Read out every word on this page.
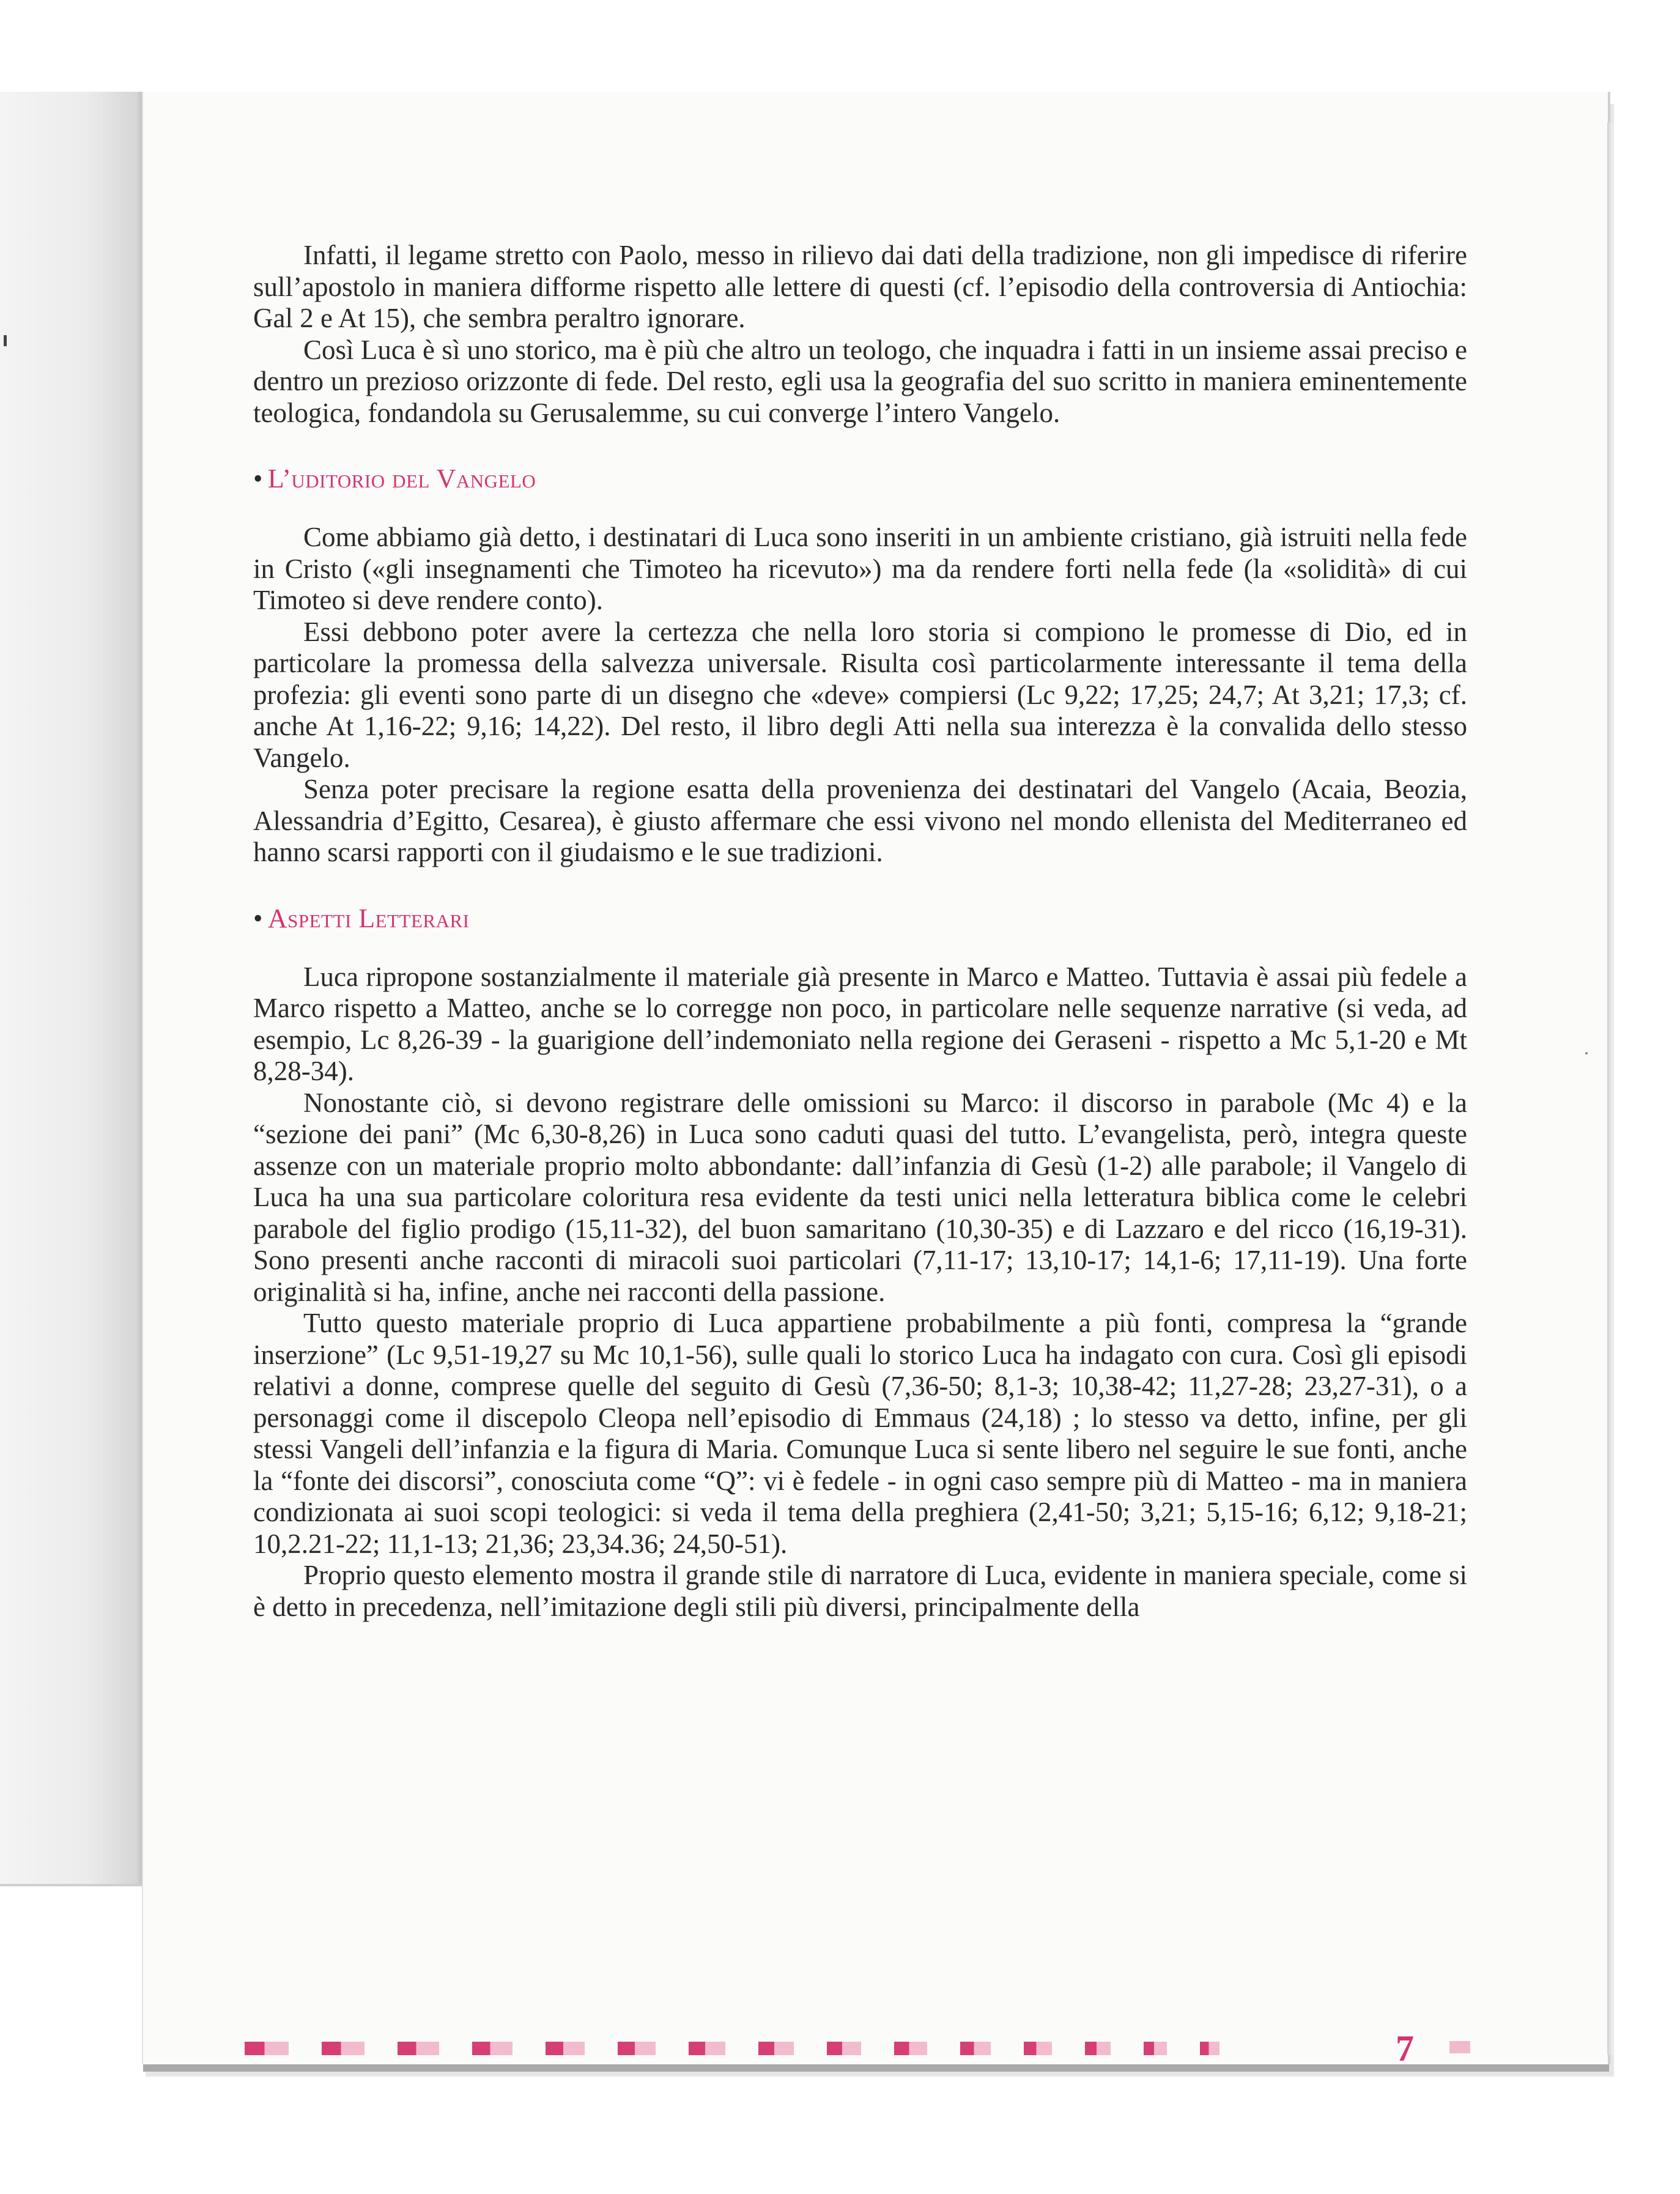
Infatti, il legame stretto con Paolo, messo in rilievo dai dati della tradizione, non gli impedisce di riferire sull’apostolo in maniera difforme rispetto alle lettere di questi (cf. l’episodio della controversia di Antiochia: Gal 2 e At 15), che sembra peraltro ignorare.

Così Luca è sì uno storico, ma è più che altro un teologo, che inquadra i fatti in un insieme assai preciso e dentro un prezioso orizzonte di fede. Del resto, egli usa la geografia del suo scritto in maniera eminentemente teologica, fondandola su Gerusalemme, su cui converge l’intero Vangelo.

• L’uditorio del Vangelo

Come abbiamo già detto, i destinatari di Luca sono inseriti in un ambiente cristiano, già istruiti nella fede in Cristo («gli insegnamenti che Timoteo ha ricevuto») ma da rendere forti nella fede (la «solidità» di cui Timoteo si deve rendere conto).

Essi debbono poter avere la certezza che nella loro storia si compiono le promesse di Dio, ed in particolare la promessa della salvezza universale. Risulta così particolarmente interessante il tema della profezia: gli eventi sono parte di un disegno che «deve» compiersi (Lc 9,22; 17,25; 24,7; At 3,21; 17,3; cf. anche At 1,16-22; 9,16; 14,22). Del resto, il libro degli Atti nella sua interezza è la convalida dello stesso Vangelo.

Senza poter precisare la regione esatta della provenienza dei destinatari del Vangelo (Acaia, Beozia, Alessandria d’Egitto, Cesarea), è giusto affermare che essi vivono nel mondo ellenista del Mediterraneo ed hanno scarsi rapporti con il giudaismo e le sue tradizioni.

• Aspetti Letterari

Luca ripropone sostanzialmente il materiale già presente in Marco e Matteo. Tuttavia è assai più fedele a Marco rispetto a Matteo, anche se lo corregge non poco, in particolare nelle sequenze narrative (si veda, ad esempio, Lc 8,26-39 - la guarigione dell’indemoniato nella regione dei Geraseni - rispetto a Mc 5,1-20 e Mt 8,28-34).

Nonostante ciò, si devono registrare delle omissioni su Marco: il discorso in parabole (Mc 4) e la “sezione dei pani” (Mc 6,30-8,26) in Luca sono caduti quasi del tutto. L’evangelista, però, integra queste assenze con un materiale proprio molto abbondante: dall’infanzia di Gesù (1-2) alle parabole; il Vangelo di Luca ha una sua particolare coloritura resa evidente da testi unici nella letteratura biblica come le celebri parabole del figlio prodigo (15,11-32), del buon samaritano (10,30-35) e di Lazzaro e del ricco (16,19-31). Sono presenti anche racconti di miracoli suoi particolari (7,11-17; 13,10-17; 14,1-6; 17,11-19). Una forte originalità si ha, infine, anche nei racconti della passione.

Tutto questo materiale proprio di Luca appartiene probabilmente a più fonti, compresa la “grande inserzione” (Lc 9,51-19,27 su Mc 10,1-56), sulle quali lo storico Luca ha indagato con cura. Così gli episodi relativi a donne, comprese quelle del seguito di Gesù (7,36-50; 8,1-3; 10,38-42; 11,27-28; 23,27-31), o a personaggi come il discepolo Cleopa nell’episodio di Emmaus (24,18) ; lo stesso va detto, infine, per gli stessi Vangeli dell’infanzia e la figura di Maria. Comunque Luca si sente libero nel seguire le sue fonti, anche la “fonte dei discorsi”, conosciuta come “Q”: vi è fedele - in ogni caso sempre più di Matteo - ma in maniera condizionata ai suoi scopi teologici: si veda il tema della preghiera (2,41-50; 3,21; 5,15-16; 6,12; 9,18-21; 10,2.21-22; 11,1-13; 21,36; 23,34.36; 24,50-51).

Proprio questo elemento mostra il grande stile di narratore di Luca, evidente in maniera speciale, come si è detto in precedenza, nell’imitazione degli stili più diversi, principalmente della

7
